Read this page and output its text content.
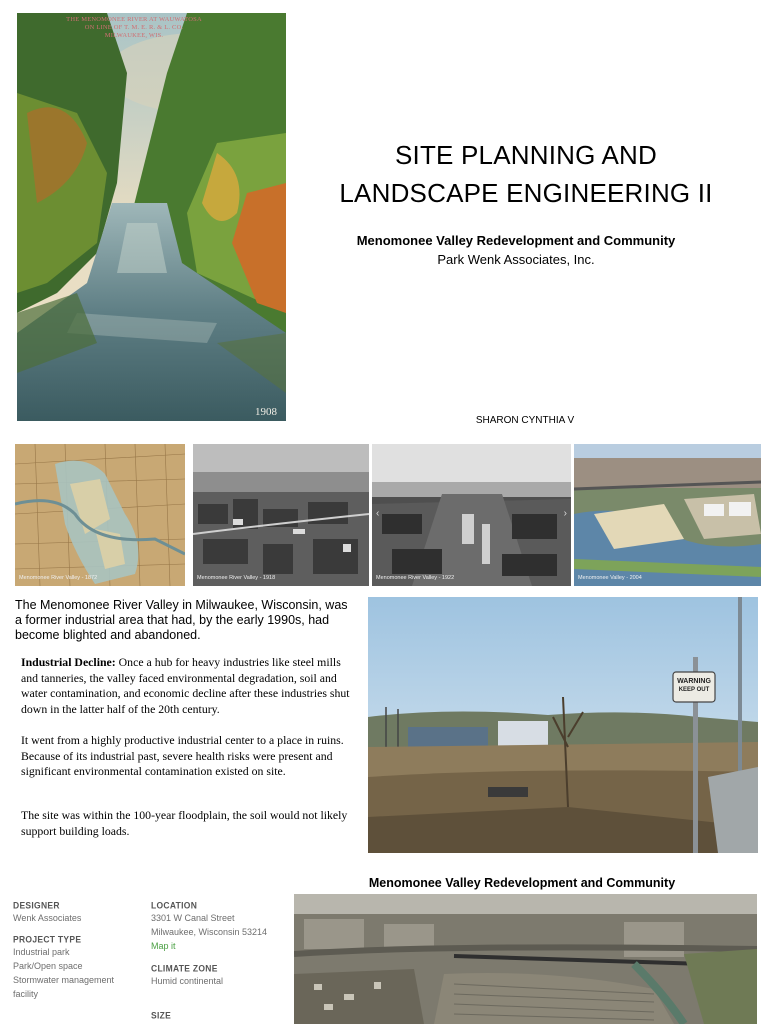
THE MENOMONEE RIVER AT WAUWATOSA
ON LINE OF T. M. E. R. & L. CO.
MILWAUKEE, WIS.
1908
SITE PLANNING AND
LANDSCAPE ENGINEERING II
Menomonee Valley Redevelopment and Community
Park Wenk Associates, Inc.
SHARON CYNTHIA V
Menomonee River Valley - 1872	Menomonee River Valley - 1918
‹	›
Menomonee River Valley - 1922	Menomonee Valley - 2004
The Menomonee River Valley in Milwaukee, Wisconsin, was a former industrial area that had, by the early 1990s, had become blighted and abandoned.
Industrial Decline: Once a hub for heavy industries like steel mills and tanneries, the valley faced environmental degradation, soil and water contamination, and economic decline after these industries shut down in the latter half of the 20th century.
It went from a highly productive industrial center to a place in ruins. Because of its industrial past, severe health risks were present and significant environmental contamination existed on site.
The site was within the 100-year floodplain, the soil would not likely support building loads.
WARNING
KEEP OUT
Menomonee Valley Redevelopment and Community
DESIGNER
Wenk Associates
PROJECT TYPE
Industrial park
Park/Open space
Stormwater management
facility
LOCATION
3301 W Canal Street
Milwaukee, Wisconsin 53214
Map it
CLIMATE ZONE
Humid continental
SIZE
